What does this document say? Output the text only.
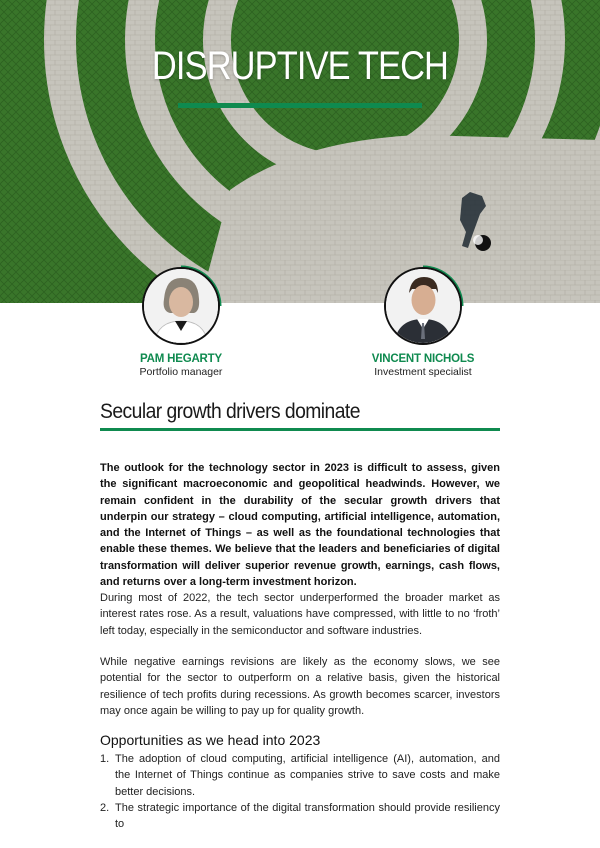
DISRUPTIVE TECH
PAM HEGARTY
Portfolio manager
VINCENT NICHOLS
Investment specialist
Secular growth drivers dominate
The outlook for the technology sector in 2023 is difficult to assess, given the significant macroeconomic and geopolitical headwinds. However, we remain confident in the durability of the secular growth drivers that underpin our strategy – cloud computing, artificial intelligence, automation, and the Internet of Things – as well as the foundational technologies that enable these themes. We believe that the leaders and beneficiaries of digital transformation will deliver superior revenue growth, earnings, cash flows, and returns over a long-term investment horizon.
During most of 2022, the tech sector underperformed the broader market as interest rates rose. As a result, valuations have compressed, with little to no ‘froth’ left today, especially in the semiconductor and software industries.
While negative earnings revisions are likely as the economy slows, we see potential for the sector to outperform on a relative basis, given the historical resilience of tech profits during recessions. As growth becomes scarcer, investors may once again be willing to pay up for quality growth.
Opportunities as we head into 2023
1. The adoption of cloud computing, artificial intelligence (AI), automation, and the Internet of Things continue as companies strive to save costs and make better decisions.
2. The strategic importance of the digital transformation should provide resiliency to
